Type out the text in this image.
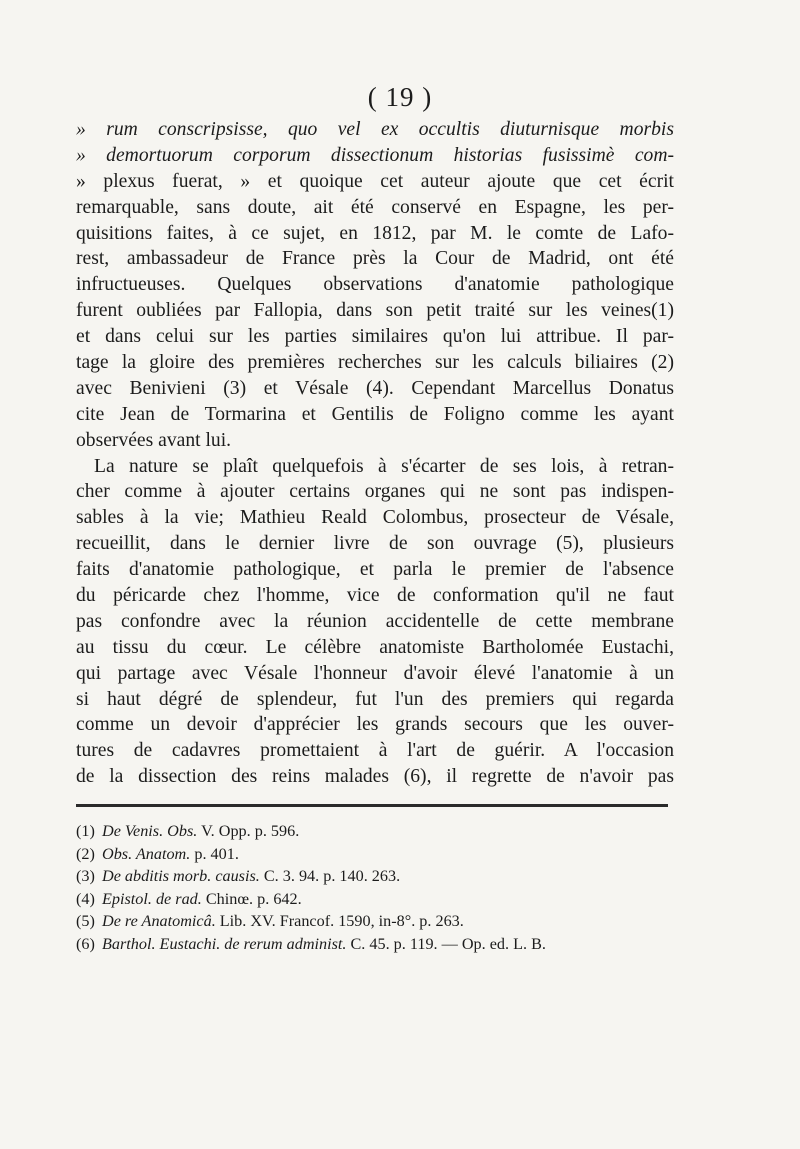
( 19 )
» rum conscripsisse, quo vel ex occultis diuturnisque morbis
» demortuorum corporum dissectionum historias fusissimè com-
» plexus fuerat, » et quoique cet auteur ajoute que cet écrit
remarquable, sans doute, ait été conservé en Espagne, les per-
quisitions faites, à ce sujet, en 1812, par M. le comte de Lafo-
rest, ambassadeur de France près la Cour de Madrid, ont été
infructueuses. Quelques observations d'anatomie pathologique
furent oubliées par Fallopia, dans son petit traité sur les veines(1)
et dans celui sur les parties similaires qu'on lui attribue. Il par-
tage la gloire des premières recherches sur les calculs biliaires (2)
avec Benivieni (3) et Vésale (4). Cependant Marcellus Donatus
cite Jean de Tormarina et Gentilis de Foligno comme les ayant
observées avant lui.
La nature se plaît quelquefois à s'écarter de ses lois, à retran-
cher comme à ajouter certains organes qui ne sont pas indispen-
sables à la vie; Mathieu Reald Colombus, prosecteur de Vésale,
recueillit, dans le dernier livre de son ouvrage (5), plusieurs
faits d'anatomie pathologique, et parla le premier de l'absence
du péricarde chez l'homme, vice de conformation qu'il ne faut
pas confondre avec la réunion accidentelle de cette membrane
au tissu du cœur. Le célèbre anatomiste Bartholomée Eustachi,
qui partage avec Vésale l'honneur d'avoir élevé l'anatomie à un
si haut dégré de splendeur, fut l'un des premiers qui regarda
comme un devoir d'apprécier les grands secours que les ouver-
tures de cadavres promettaient à l'art de guérir. A l'occasion
de la dissection des reins malades (6), il regrette de n'avoir pas
(1)De Venis. Obs. V. Opp. p. 596.
(2)Obs. Anatom. p. 401.
(3)De abditis morb. causis. C. 3. 94. p. 140. 263.
(4)Epistol. de rad. Chinœ. p. 642.
(5)De re Anatomicâ. Lib. XV. Francof. 1590, in-8°. p. 263.
(6)Barthol. Eustachi. de rerum administ. C. 45. p. 119. — Op. ed. L. B.
